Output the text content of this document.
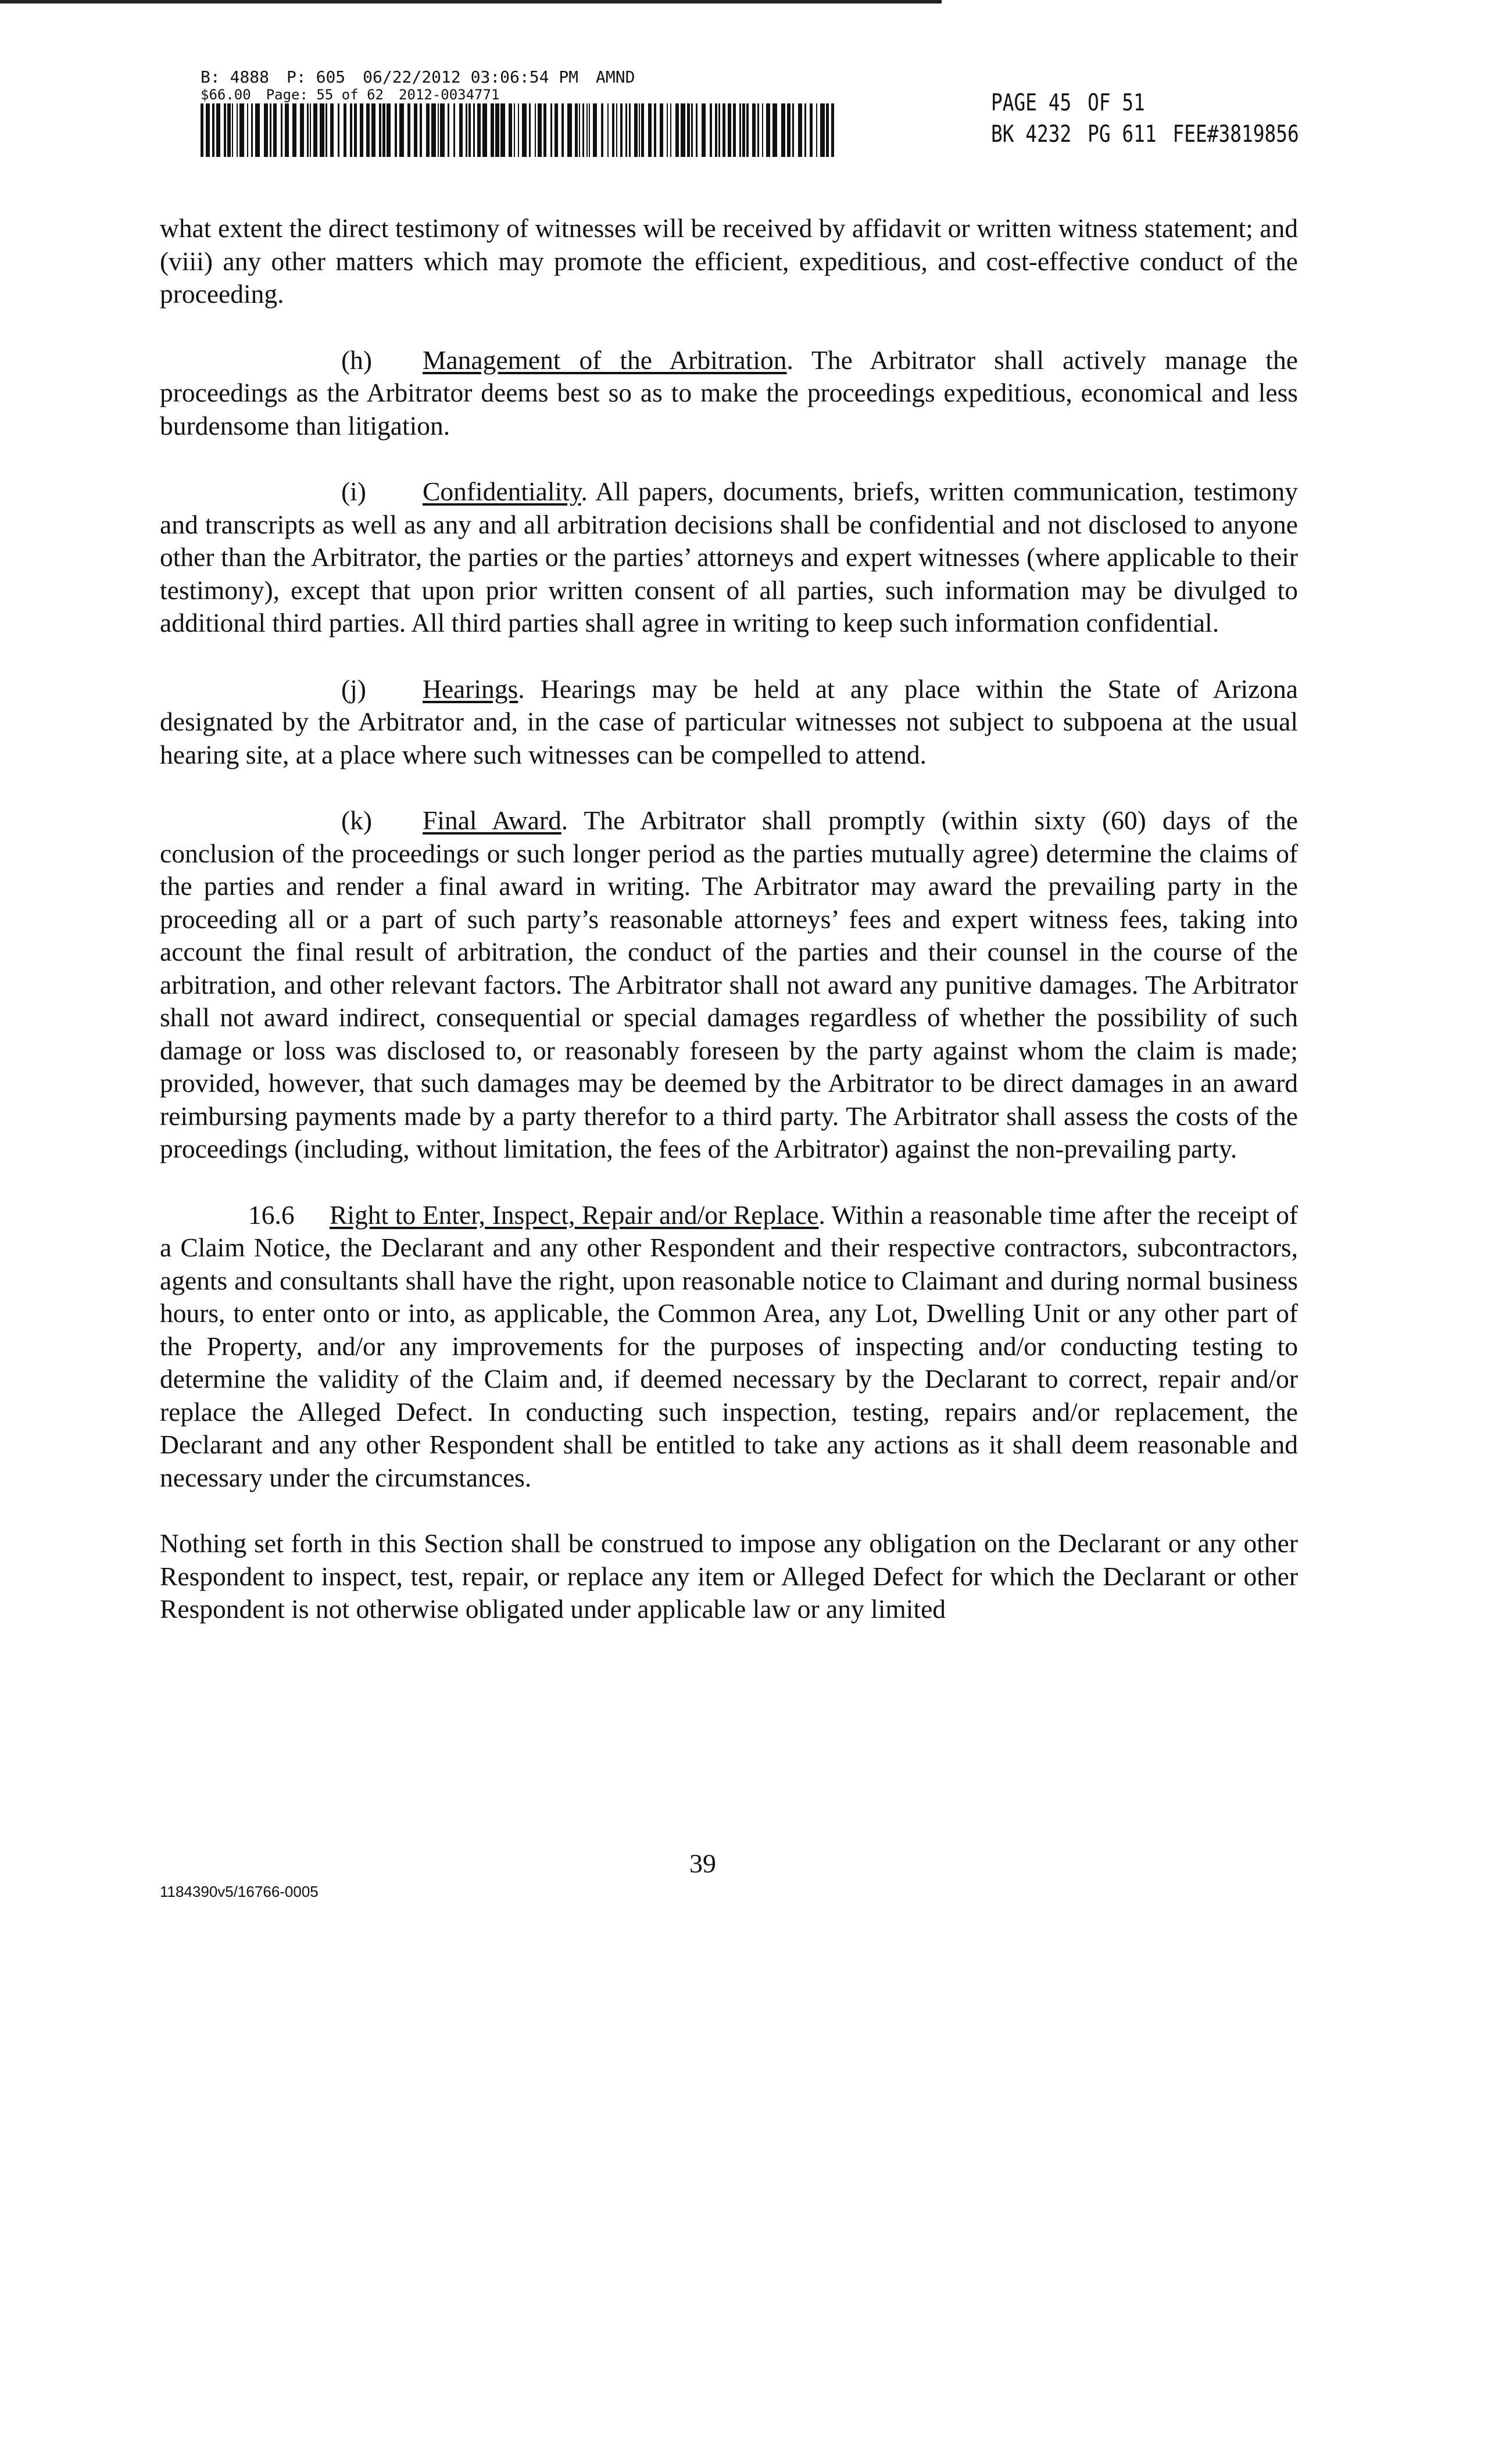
B: 4888 P: 605 06/22/2012 03:06:54 PM AMND
$66.00 Page: 55 of 62 2012-0034771	PAGE 45 OF 51
BK 4232 PG 611 FEE#3819856

what extent the direct testimony of witnesses will be received by affidavit or written witness statement; and (viii) any other matters which may promote the efficient, expeditious, and cost-effective conduct of the proceeding.

(h) Management of the Arbitration. The Arbitrator shall actively manage the proceedings as the Arbitrator deems best so as to make the proceedings expeditious, economical and less burdensome than litigation.

(i) Confidentiality. All papers, documents, briefs, written communication, testimony and transcripts as well as any and all arbitration decisions shall be confidential and not disclosed to anyone other than the Arbitrator, the parties or the parties’ attorneys and expert witnesses (where applicable to their testimony), except that upon prior written consent of all parties, such information may be divulged to additional third parties. All third parties shall agree in writing to keep such information confidential.

(j) Hearings. Hearings may be held at any place within the State of Arizona designated by the Arbitrator and, in the case of particular witnesses not subject to subpoena at the usual hearing site, at a place where such witnesses can be compelled to attend.

(k) Final Award. The Arbitrator shall promptly (within sixty (60) days of the conclusion of the proceedings or such longer period as the parties mutually agree) determine the claims of the parties and render a final award in writing. The Arbitrator may award the prevailing party in the proceeding all or a part of such party’s reasonable attorneys’ fees and expert witness fees, taking into account the final result of arbitration, the conduct of the parties and their counsel in the course of the arbitration, and other relevant factors. The Arbitrator shall not award any punitive damages. The Arbitrator shall not award indirect, consequential or special damages regardless of whether the possibility of such damage or loss was disclosed to, or reasonably foreseen by the party against whom the claim is made; provided, however, that such damages may be deemed by the Arbitrator to be direct damages in an award reimbursing payments made by a party therefor to a third party. The Arbitrator shall assess the costs of the proceedings (including, without limitation, the fees of the Arbitrator) against the non-prevailing party.

16.6 Right to Enter, Inspect, Repair and/or Replace. Within a reasonable time after the receipt of a Claim Notice, the Declarant and any other Respondent and their respective contractors, subcontractors, agents and consultants shall have the right, upon reasonable notice to Claimant and during normal business hours, to enter onto or into, as applicable, the Common Area, any Lot, Dwelling Unit or any other part of the Property, and/or any improvements for the purposes of inspecting and/or conducting testing to determine the validity of the Claim and, if deemed necessary by the Declarant to correct, repair and/or replace the Alleged Defect. In conducting such inspection, testing, repairs and/or replacement, the Declarant and any other Respondent shall be entitled to take any actions as it shall deem reasonable and necessary under the circumstances.

Nothing set forth in this Section shall be construed to impose any obligation on the Declarant or any other Respondent to inspect, test, repair, or replace any item or Alleged Defect for which the Declarant or other Respondent is not otherwise obligated under applicable law or any limited

39
1184390v5/16766-0005
